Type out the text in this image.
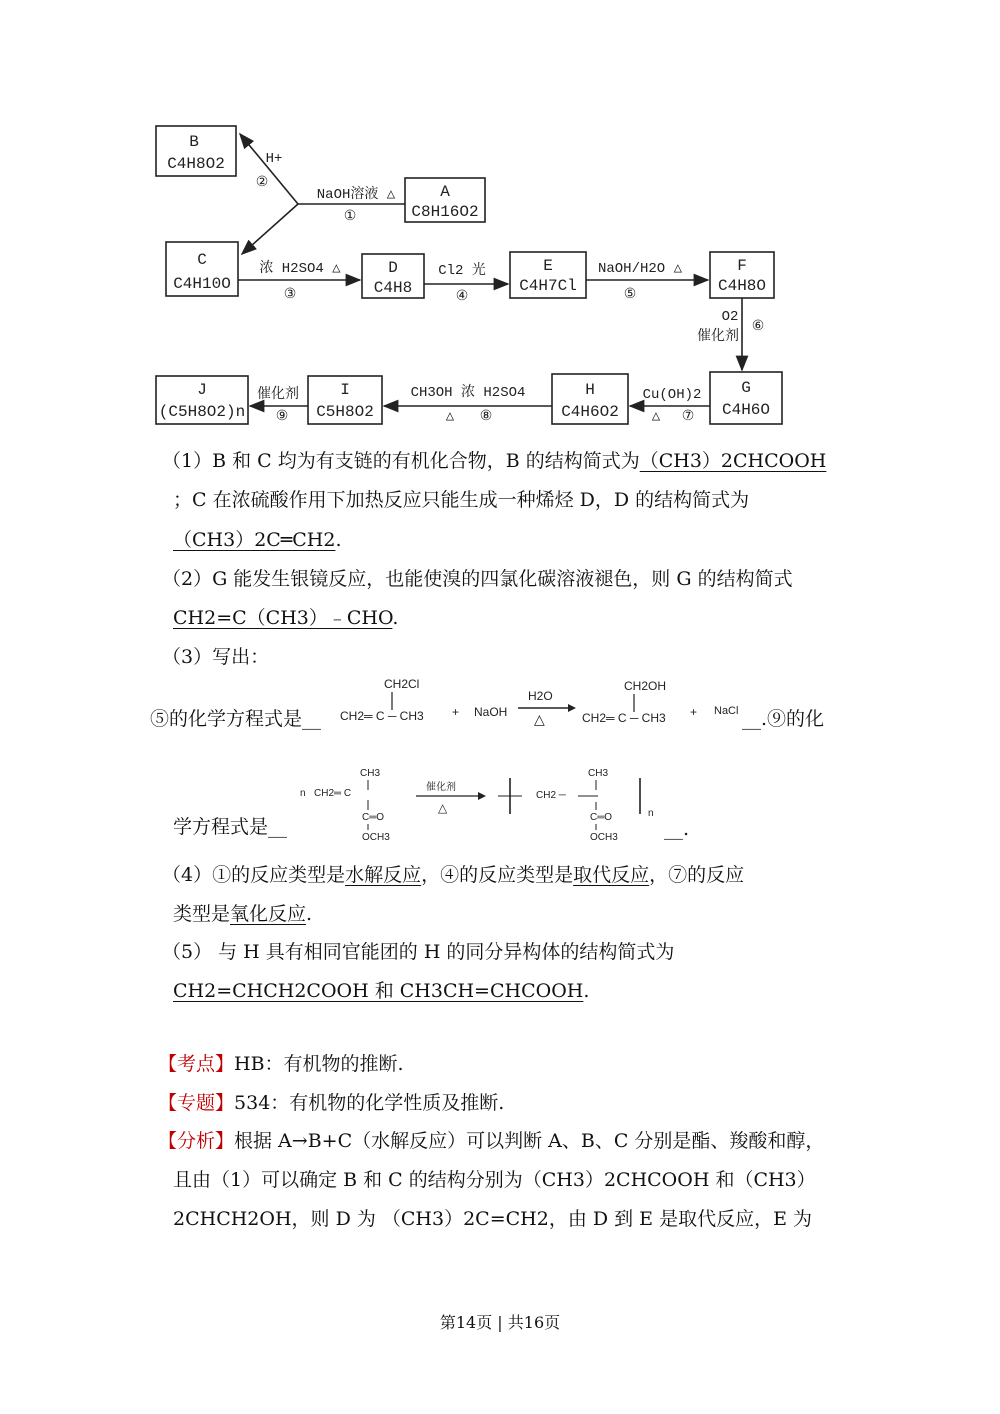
B
C4H8O2
A
C8H16O2
C
C4H10O
D
C4H8
E
C4H7Cl
F
C4H8O
G
C4H6O
H
C4H6O2
I
C5H8O2
J
(C5H8O2)n
NaOH溶液 △
①
H+
②
浓 H2SO4 △
③
Cl2 光
④
NaOH/H2O △
⑤
O2
催化剂
⑥
Cu(OH)2
△ ⑦
CH3OH 浓 H2SO4
△ ⑧
催化剂
⑨
（1）B 和 C 均为有支链的有机化合物，B 的结构简式为（CH3）2CHCOOH
；C 在浓硫酸作用下加热反应只能生成一种烯烃 D，D 的结构简式为
（CH3）2C═CH2.
（2）G 能发生银镜反应，也能使溴的四氯化碳溶液褪色，则 G 的结构简式
CH2=C（CH3）﹣CHO.
（3）写出：
⑤的化学方程式是__
CH2Cl
CH2═ C ─ CH3 + NaOH
H2O
△
CH2OH
CH2═ C ─ CH3 + NaCl __.⑨的化
n CH2═ C
CH3
C═O
OCH3
催化剂
△
CH2 ─
CH3
C═O
OCH3
n
学方程式是__	__.
（4）①的反应类型是水解反应，④的反应类型是取代反应，⑦的反应
类型是氧化反应.
（5） 与 H 具有相同官能团的 H 的同分异构体的结构简式为
CH2=CHCH2COOH 和 CH3CH=CHCOOH.
【考点】HB：有机物的推断.
【专题】534：有机物的化学性质及推断.
【分析】根据 A→B+C（水解反应）可以判断 A、B、C 分别是酯、羧酸和醇，
且由（1）可以确定 B 和 C 的结构分别为（CH3）2CHCOOH 和（CH3）
2CHCH2OH，则 D 为 （CH3）2C=CH2，由 D 到 E 是取代反应，E 为
第14页 | 共16页
